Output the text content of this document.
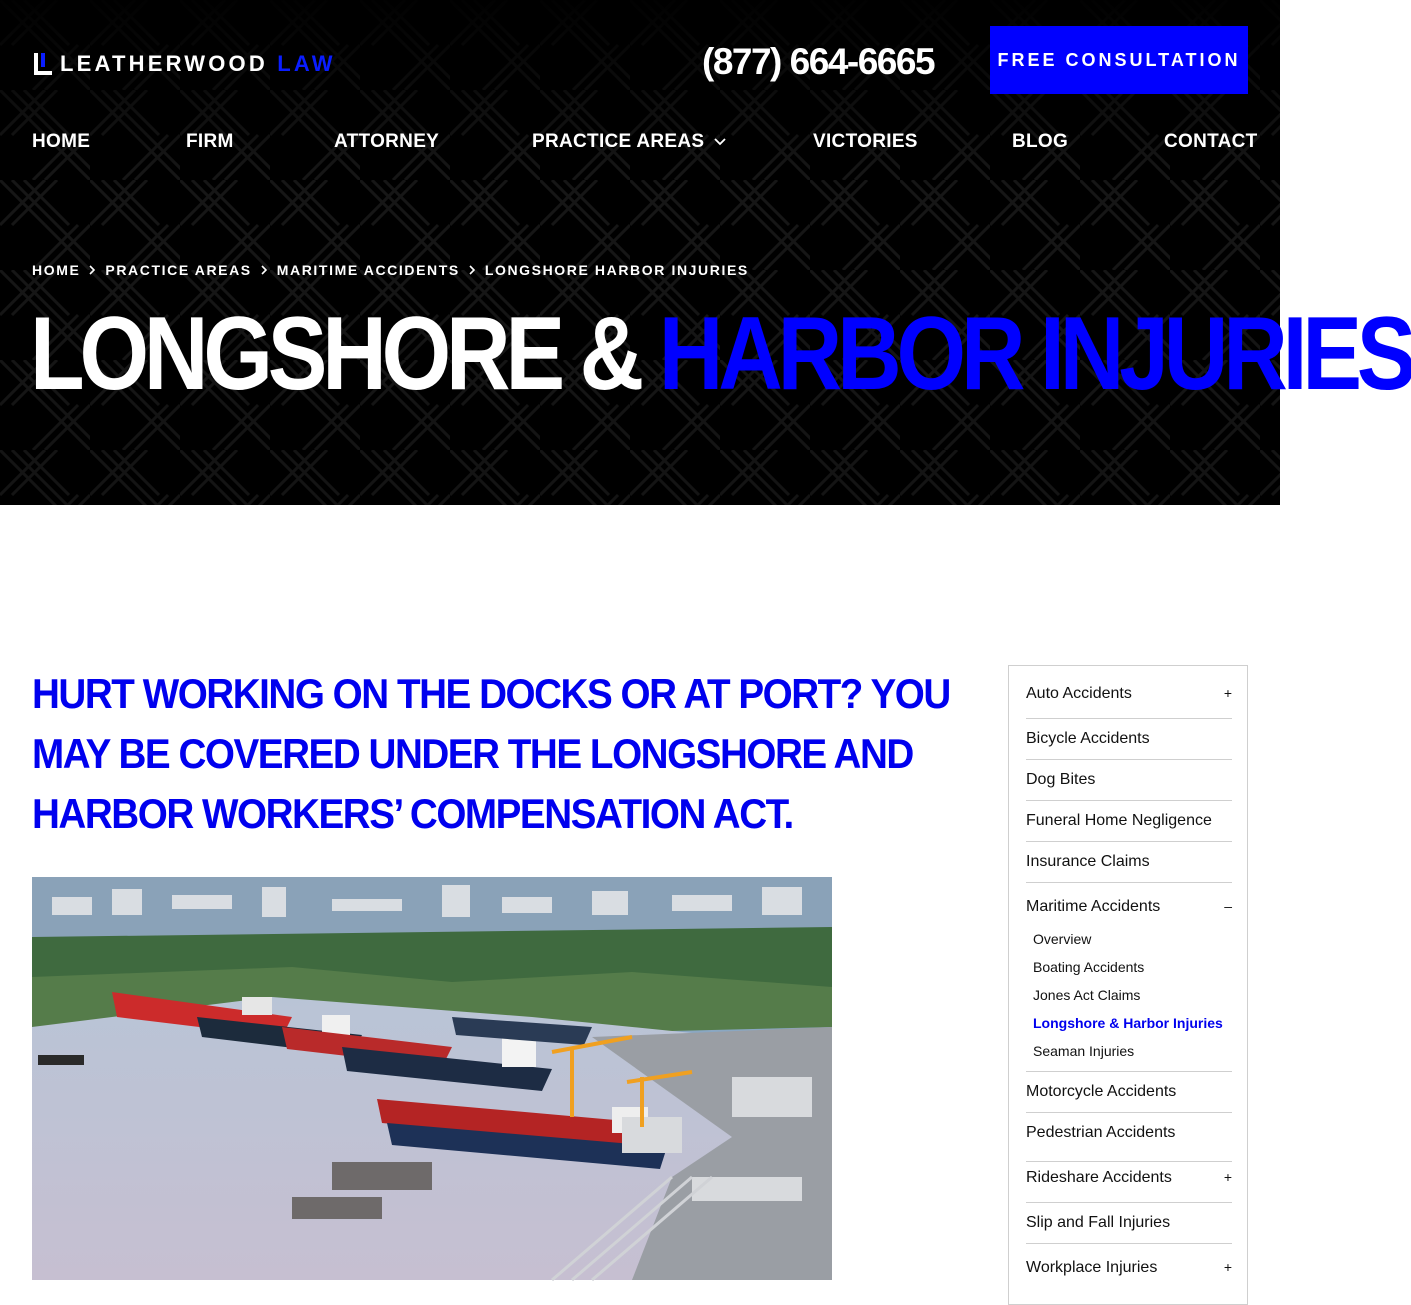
LEATHERWOOD LAW	(877) 664-6665	FREE CONSULTATION
HOME	FIRM	ATTORNEY	PRACTICE AREAS	VICTORIES	BLOG	CONTACT
HOME PRACTICE AREAS MARITIME ACCIDENTS LONGSHORE HARBOR INJURIES
LONGSHORE & HARBOR INJURIES
HURT WORKING ON THE DOCKS OR AT PORT? YOU
MAY BE COVERED UNDER THE LONGSHORE AND
HARBOR WORKERS’ COMPENSATION ACT.
Auto Accidents	+
Bicycle Accidents
Dog Bites
Funeral Home Negligence
Insurance Claims
Maritime Accidents	–
Overview
Boating Accidents
Jones Act Claims
Longshore & Harbor Injuries
Seaman Injuries
Motorcycle Accidents
Pedestrian Accidents
Rideshare Accidents	+
Slip and Fall Injuries
Workplace Injuries	+
